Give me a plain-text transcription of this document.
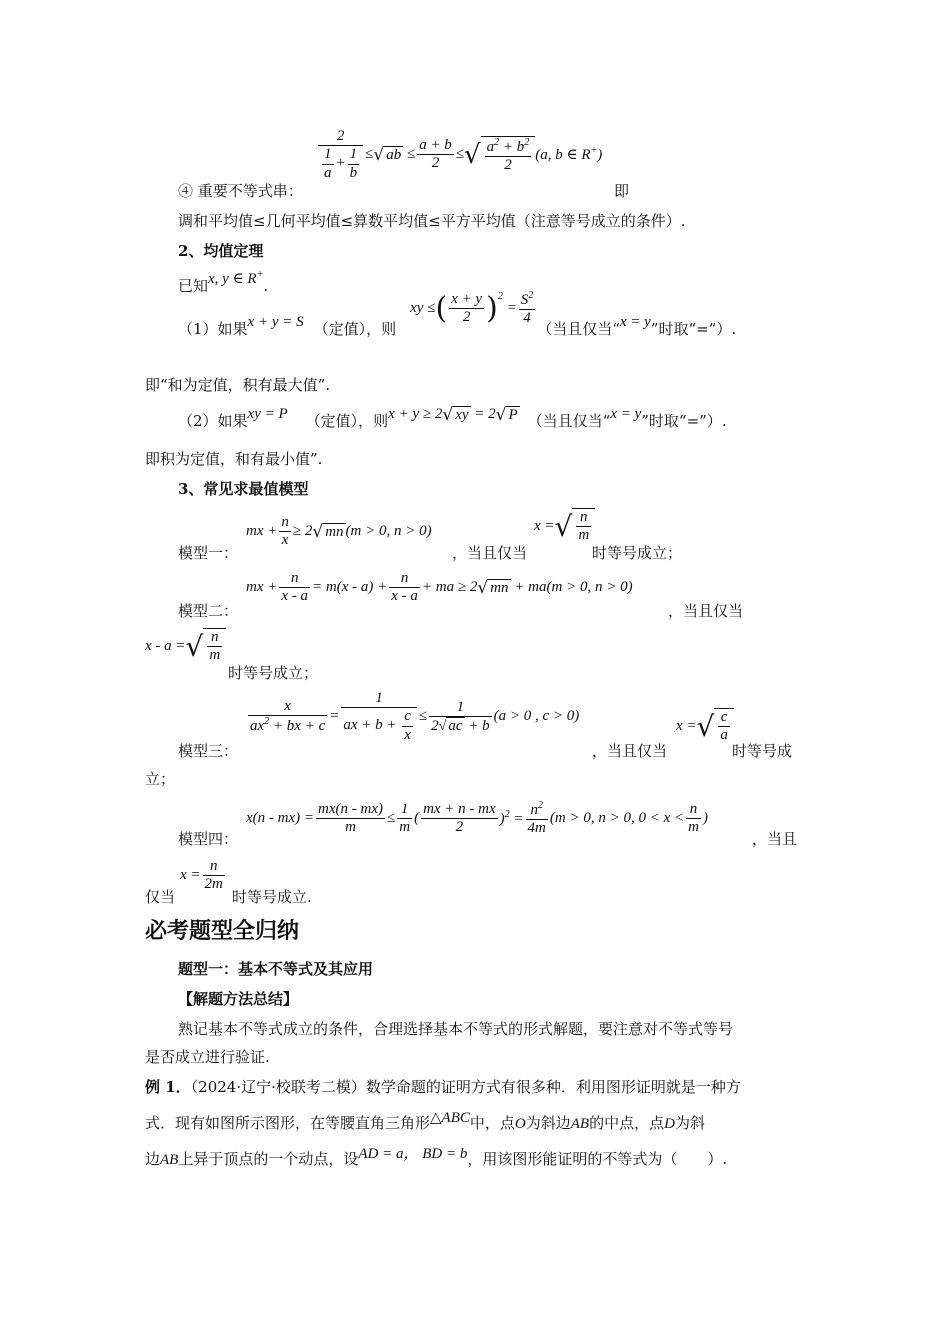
$\frac{2}{\frac{1}{a} + \frac{1}{b}}$ ≤ √ ab ≤ $\frac{a + b}{2}$ ≤ √ $\frac{a^2 + b^2}{2} (a$, b ∈ R+)
④ 重要不等式串：	即
调和平均值≤几何平均值≤算数平均值≤平方平均值（注意等号成立的条件）.
2、均值定理
已知x, y ∈ R+.
（1）如果 x + y = S （定值），则
xy ≤ ( $\frac{x + y}{2}$ ) 2
= $\frac{S^2}{4}$
（当且仅当“ x = y ”时取“=”）.
即“和为定值，积有最大值”.
（2）如果 xy = P （定值），则 x + y ≥ 2 √ xy = 2 √ P （当且仅当“ x = y ”时取“=”）.
即积为定值，和有最小值”.
3、常见求最值模型
mx + $\frac{n}{x} \ge 2$ √ mn (m > 0, n > 0)
模型一：	，当且仅当
x = √ $\frac{n}{m}$
时等号成立；
mx + $\frac{n}{x - a} = m(x - a) + \frac{n}{x - a}$ + ma ≥ 2 √ mn + ma(m > 0, n > 0)
模型二：	，当且仅当
x - a = √ $\frac{n}{m}$
时等号成立；
$\frac{x}{ax^2 + bx + c} = \frac{1}{ax + b + \frac{c}{x}} \le \frac{1}{2√ ac + b} (a > 0$ , c > 0)
模型三：	，当且仅当
x = √ $\frac{c}{a}$
时等号成
立；
$x(n - mx) = \frac{mx(n - mx)}{m} \le \frac{1}{m}$ ( $\frac{mx + n - mx}{2} )^2 = \frac{n^2}{4m} (m > 0$, n > 0, $0 < x < \frac{n}{m}$ )
模型四：	，当且
$x = \frac{n}{2m}$
仅当	时等号成立.
必考题型全归纳
题型一：基本不等式及其应用
【解题方法总结】
熟记基本不等式成立的条件，合理选择基本不等式的形式解题，要注意对不等式等号
是否成立进行验证.
例 1．（2024·辽宁·校联考二模）数学命题的证明方式有很多种．利用图形证明就是一种方
式．现有如图所示图形，在等腰直角三角形△ABC中，点O为斜边AB的中点，点D为斜
边AB上异于顶点的一个动点，设AD = a， BD = b，用该图形能证明的不等式为（　　）.
